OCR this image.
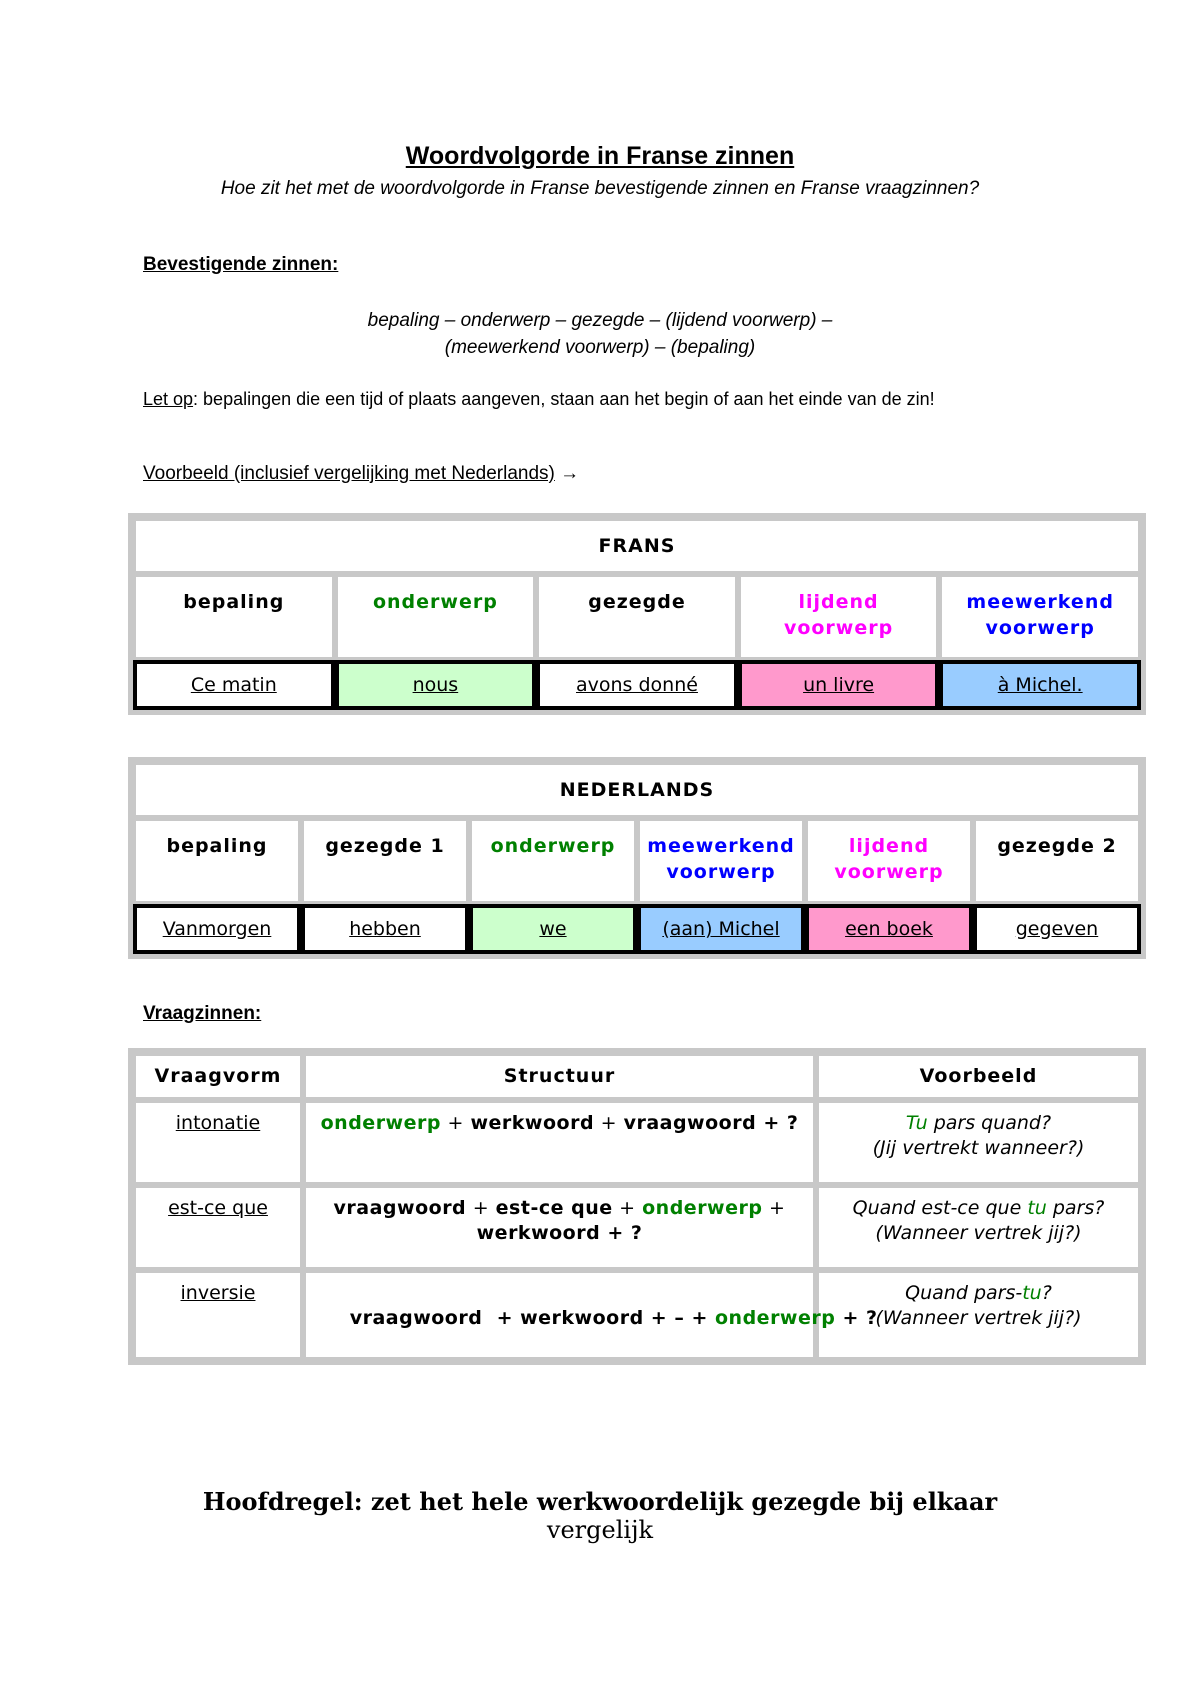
Woordvolgorde in Franse zinnen
Hoe zit het met de woordvolgorde in Franse bevestigende zinnen en Franse vraagzinnen?
Bevestigende zinnen:
bepaling – onderwerp – gezegde – (lijdend voorwerp) –
(meewerkend voorwerp) – (bepaling)
Let op: bepalingen die een tijd of plaats aangeven, staan aan het begin of aan het einde van de zin!
Voorbeeld (inclusief vergelijking met Nederlands) →
FRANS				
bepaling	onderwerp	gezegde	lijdend voorwerp	meewerkend voorwerp
Ce matin	nous	avons donné	un livre	à Michel.
NEDERLANDS					
bepaling	gezegde 1	onderwerp	meewerkend voorwerp	lijdend voorwerp	gezegde 2
Vanmorgen	hebben	we	(aan) Michel	een boek	gegeven
Vraagzinnen:
Vraagvorm	Structuur	Voorbeeld
intonatie	onderwerp + werkwoord + vraagwoord + ?	Tu pars quand?
(Jij vertrekt wanneer?)
est-ce que	vraagwoord + est-ce que + onderwerp +
werkwoord + ?	Quand est-ce que tu pars?
(Wanneer vertrek jij?)
inversie	vraagwoord  + werkwoord + – + onderwerp + ?	Quand pars-tu?
(Wanneer vertrek jij?)
Hoofdregel: zet het hele werkwoordelijk gezegde bij elkaar
vergelijk
